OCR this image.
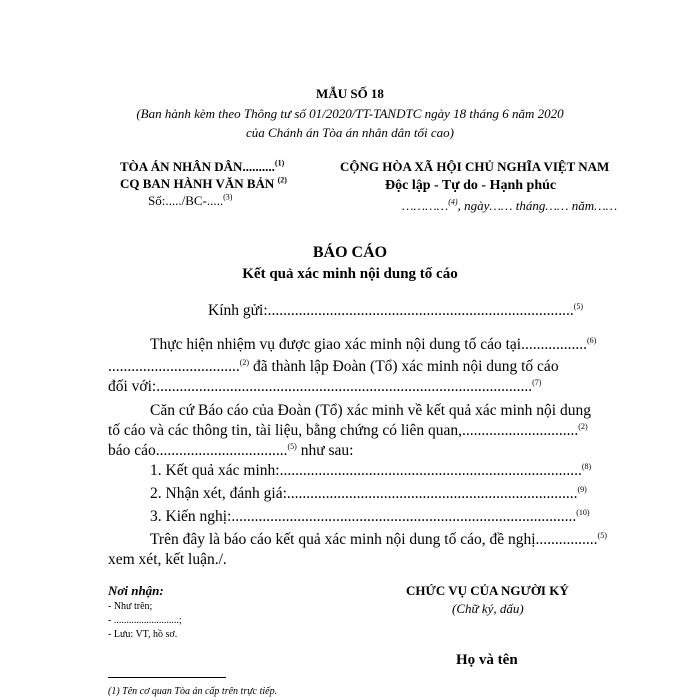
MẪU SỐ 18
(Ban hành kèm theo Thông tư số 01/2020/TT-TANDTC ngày 18 tháng 6 năm 2020
của Chánh án Tòa án nhân dân tối cao)
TÒA ÁN NHÂN DÂN..........$^{(1)}$
CQ BAN HÀNH VĂN BẢN $^{(2)}$
Số:...../BC-.....$^{(3)}$
CỘNG HÒA XÃ HỘI CHỦ NGHĨA VIỆT NAM
Độc lập - Tự do - Hạnh phúc
…………$^{(4)}$, ngày…… tháng…… năm……
BÁO CÁO
Kết quả xác minh nội dung tố cáo
Kính gửi:...............................................................................$^{(5)}$
Thực hiện nhiệm vụ được giao xác minh nội dung tố cáo tại.................$^{(6)}$
..................................$^{(2)}$ đã thành lập Đoàn (Tổ) xác minh nội dung tố cáo
đối với:.................................................................................................$^{(7)}$
Căn cứ Báo cáo của Đoàn (Tổ) xác minh về kết quả xác minh nội dung
tố cáo và các thông tin, tài liệu, bằng chứng có liên quan,..............................$^{(2)}$
báo cáo..................................$^{(5)}$ như sau:
1. Kết quả xác minh:..............................................................................$^{(8)}$
2. Nhận xét, đánh giá:...........................................................................$^{(9)}$
3. Kiến nghị:.........................................................................................$^{(10)}$
Trên đây là báo cáo kết quả xác minh nội dung tố cáo, đề nghị................$^{(5)}$
xem xét, kết luận./.
Nơi nhận:
- Như trên;
- ..........................;
- Lưu: VT, hồ sơ.
CHỨC VỤ CỦA NGƯỜI KÝ
(Chữ ký, dấu)
Họ và tên
(1) Tên cơ quan Tòa án cấp trên trực tiếp.
